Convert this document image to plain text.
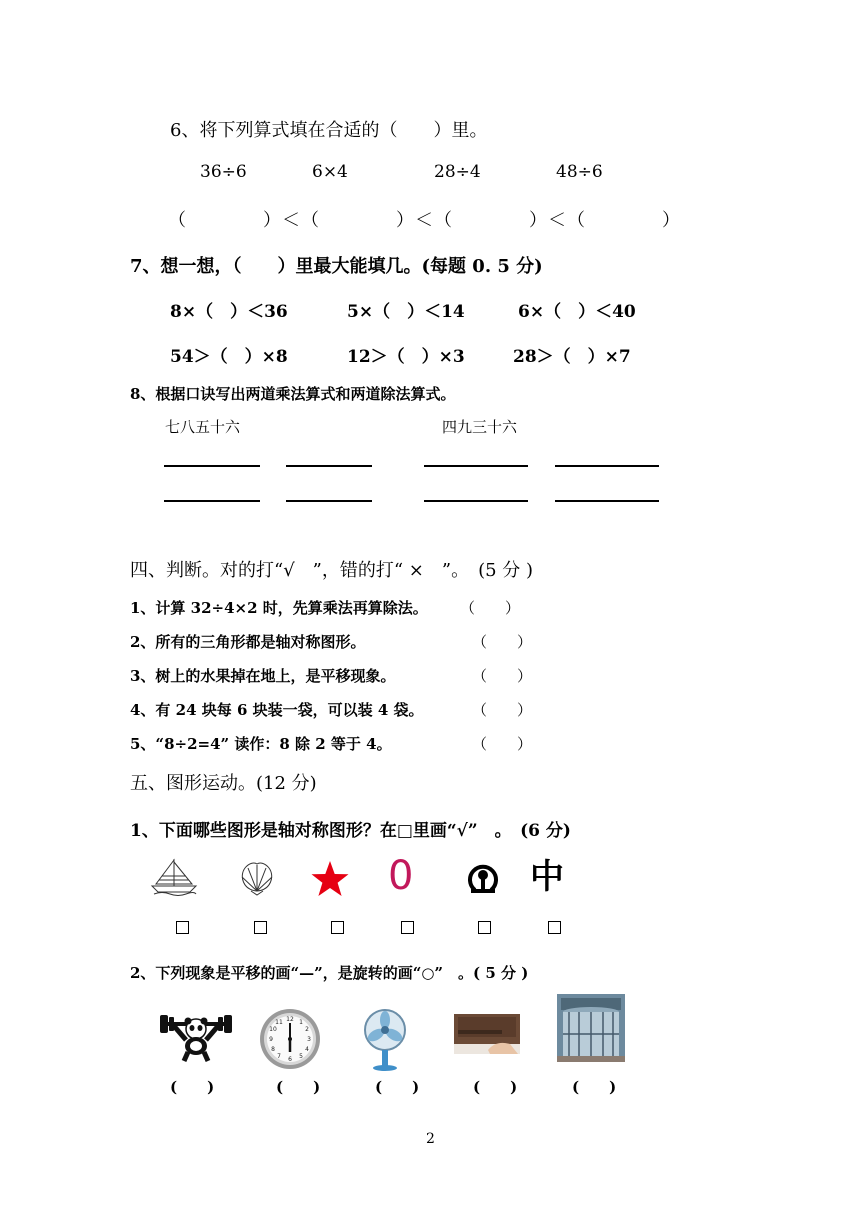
6、将下列算式填在合适的（　　）里。
36÷6	6×4	28÷4	48÷6
（　　　　）＜（　　　　）＜（　　　　）＜（　　　　）
7、想一想，（　　）里最大能填几。(每题 0. 5 分)
8×（　）＜36	5×（　）＜14	6×（　）＜40
54＞（　）×8	12＞（　）×3	28＞（　）×7
8、根据口诀写出两道乘法算式和两道除法算式。
七八五十六	四九三十六
四、判断。对的打“√　”，错的打“ ×　”。　(5 分 )
1、计算 32÷4×2 时，先算乘法再算除法。 （　　）
2、所有的三角形都是轴对称图形。	（　　）
3、树上的水果掉在地上，是平移现象。	（　　）
4、有 24 块每 6 块装一袋，可以装 4 袋。	（　　）
5、“8÷2=4” 读作：8 除 2 等于 4。	（　　）
五、图形运动。(12 分)
1、下面哪些图形是轴对称图形？在□里画“√”　。　(6 分)
0	中
2、下列现象是平移的画“—”，是旋转的画“○”　。( 5 分 )
12 1
2
3
4
5
6
7
8
9
10
11
(　　)	(　　)	(　　)	(　　)	(　　)
2
